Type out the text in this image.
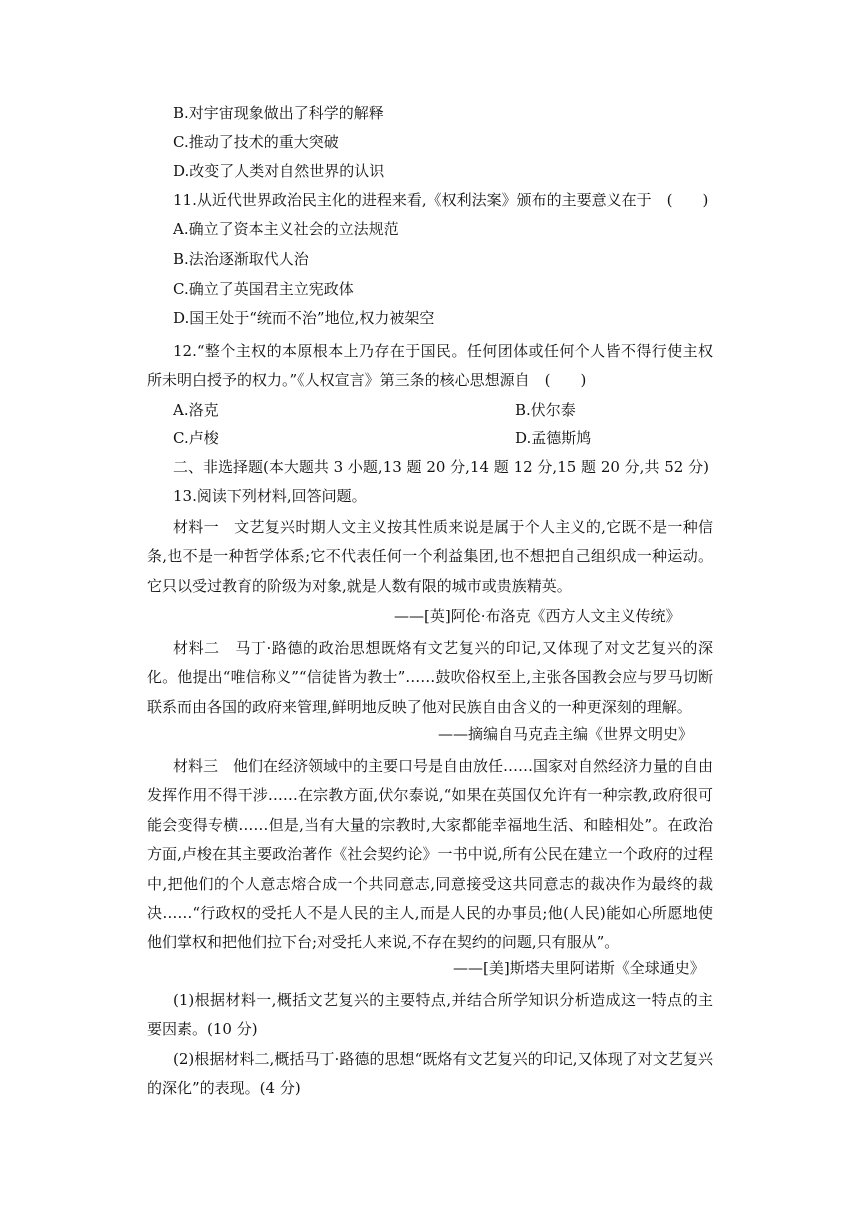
B.对宇宙现象做出了科学的解释
C.推动了技术的重大突破
D.改变了人类对自然世界的认识
11.从近代世界政治民主化的进程来看,《权利法案》颁布的主要意义在于　(　　)
A.确立了资本主义社会的立法规范
B.法治逐渐取代人治
C.确立了英国君主立宪政体
D.国王处于“统而不治”地位,权力被架空

12.“整个主权的本原根本上乃存在于国民。任何团体或任何个人皆不得行使主权所未明白授予的权力。”《人权宣言》第三条的核心思想源自　(　　)

A.洛克	B.伏尔泰
C.卢梭	D.孟德斯鸠
二、非选择题(本大题共 3 小题,13 题 20 分,14 题 12 分,15 题 20 分,共 52 分)
13.阅读下列材料,回答问题。

材料一　文艺复兴时期人文主义按其性质来说是属于个人主义的,它既不是一种信条,也不是一种哲学体系;它不代表任何一个利益集团,也不想把自己组织成一种运动。它只以受过教育的阶级为对象,就是人数有限的城市或贵族精英。

——[英]阿伦·布洛克《西方人文主义传统》

材料二　马丁·路德的政治思想既烙有文艺复兴的印记,又体现了对文艺复兴的深化。他提出“唯信称义”“信徒皆为教士”……鼓吹俗权至上,主张各国教会应与罗马切断联系而由各国的政府来管理,鲜明地反映了他对民族自由含义的一种更深刻的理解。

——摘编自马克垚主编《世界文明史》

材料三　他们在经济领域中的主要口号是自由放任……国家对自然经济力量的自由发挥作用不得干涉……在宗教方面,伏尔泰说,“如果在英国仅允许有一种宗教,政府很可能会变得专横……但是,当有大量的宗教时,大家都能幸福地生活、和睦相处”。在政治方面,卢梭在其主要政治著作《社会契约论》一书中说,所有公民在建立一个政府的过程中,把他们的个人意志熔合成一个共同意志,同意接受这共同意志的裁决作为最终的裁决……“行政权的受托人不是人民的主人,而是人民的办事员;他(人民)能如心所愿地使他们掌权和把他们拉下台;对受托人来说,不存在契约的问题,只有服从”。

——[美]斯塔夫里阿诺斯《全球通史》

(1)根据材料一,概括文艺复兴的主要特点,并结合所学知识分析造成这一特点的主要因素。(10 分)

(2)根据材料二,概括马丁·路德的思想“既烙有文艺复兴的印记,又体现了对文艺复兴的深化”的表现。(4 分)
